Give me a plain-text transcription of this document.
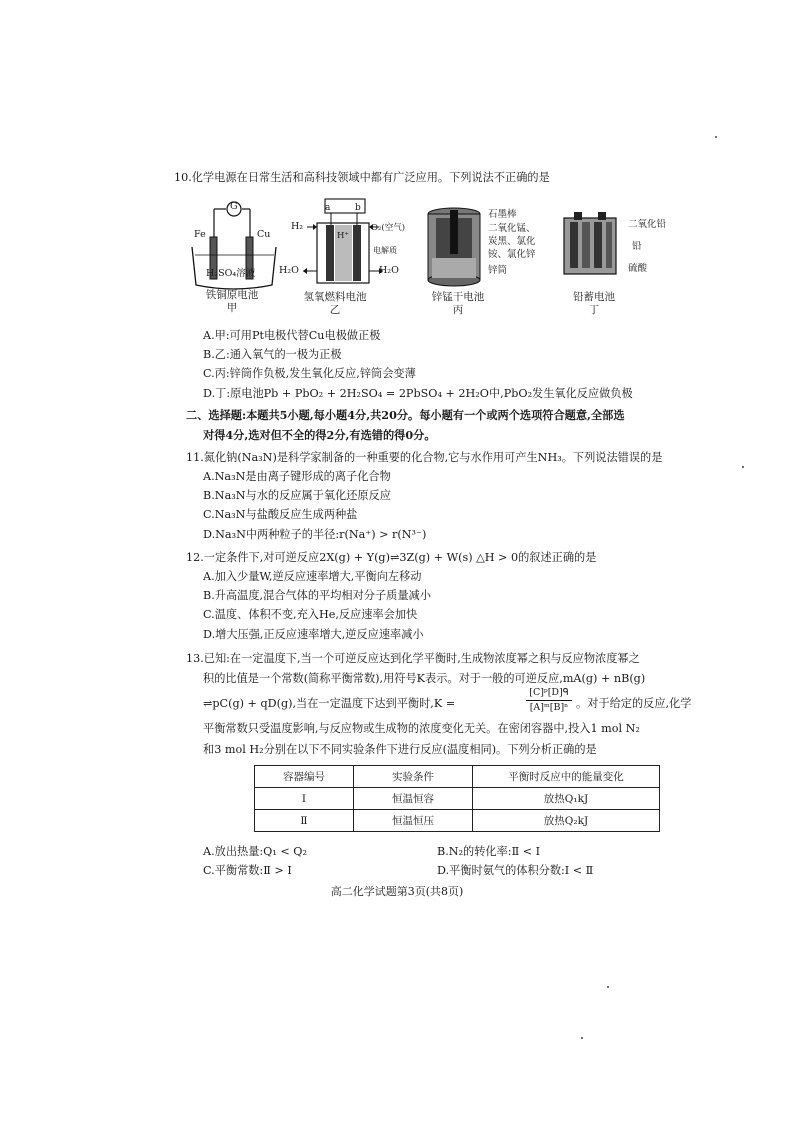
10.化学电源在日常生活和高科技领域中都有广泛应用。下列说法不正确的是
G
Fe	Cu
H₂SO₄溶液
铁铜原电池
甲
a	b
H₂	O₂(空气)
H⁺
电解质
H₂O	H₂O
氢氧燃料电池
乙
石墨棒
二氧化锰、
炭黑、氯化
铵、氯化锌
锌筒
锌锰干电池
丙
二氧化铅
铅
硫酸
铅蓄电池
丁
A.甲:可用Pt电极代替Cu电极做正极
B.乙:通入氧气的一极为正极
C.丙:锌筒作负极,发生氧化反应,锌筒会变薄
D.丁:原电池Pb + PbO₂ + 2H₂SO₄ = 2PbSO₄ + 2H₂O中,PbO₂发生氧化反应做负极
二、选择题:本题共5小题,每小题4分,共20分。每小题有一个或两个选项符合题意,全部选
对得4分,选对但不全的得2分,有选错的得0分。
11.氮化钠(Na₃N)是科学家制备的一种重要的化合物,它与水作用可产生NH₃。下列说法错误的是
A.Na₃N是由离子键形成的离子化合物
B.Na₃N与水的反应属于氧化还原反应
C.Na₃N与盐酸反应生成两种盐
D.Na₃N中两种粒子的半径:r(Na⁺) > r(N³⁻)
12.一定条件下,对可逆反应2X(g) + Y(g)⇌3Z(g) + W(s) △H > 0的叙述正确的是
A.加入少量W,逆反应速率增大,平衡向左移动
B.升高温度,混合气体的平均相对分子质量减小
C.温度、体积不变,充入He,反应速率会加快
D.增大压强,正反应速率增大,逆反应速率减小
13.已知:在一定温度下,当一个可逆反应达到化学平衡时,生成物浓度幂之积与反应物浓度幂之
积的比值是一个常数(简称平衡常数),用符号K表示。对于一般的可逆反应,mA(g) + nB(g)
⇌pC(g) + qD(g),当在一定温度下达到平衡时,K =
[C]ᵖ[D]ᑫ
[A]ᵐ[B]ⁿ 。对于给定的反应,化学
平衡常数只受温度影响,与反应物或生成物的浓度变化无关。在密闭容器中,投入1 mol N₂
和3 mol H₂分别在以下不同实验条件下进行反应(温度相同)。下列分析正确的是
容器编号	实验条件	平衡时反应中的能量变化
Ⅰ	恒温恒容	放热Q₁kJ
Ⅱ	恒温恒压	放热Q₂kJ
A.放出热量:Q₁ < Q₂	B.N₂的转化率:Ⅱ < Ⅰ
C.平衡常数:Ⅱ > Ⅰ	D.平衡时氨气的体积分数:Ⅰ < Ⅱ
高二化学试题第3页(共8页)
